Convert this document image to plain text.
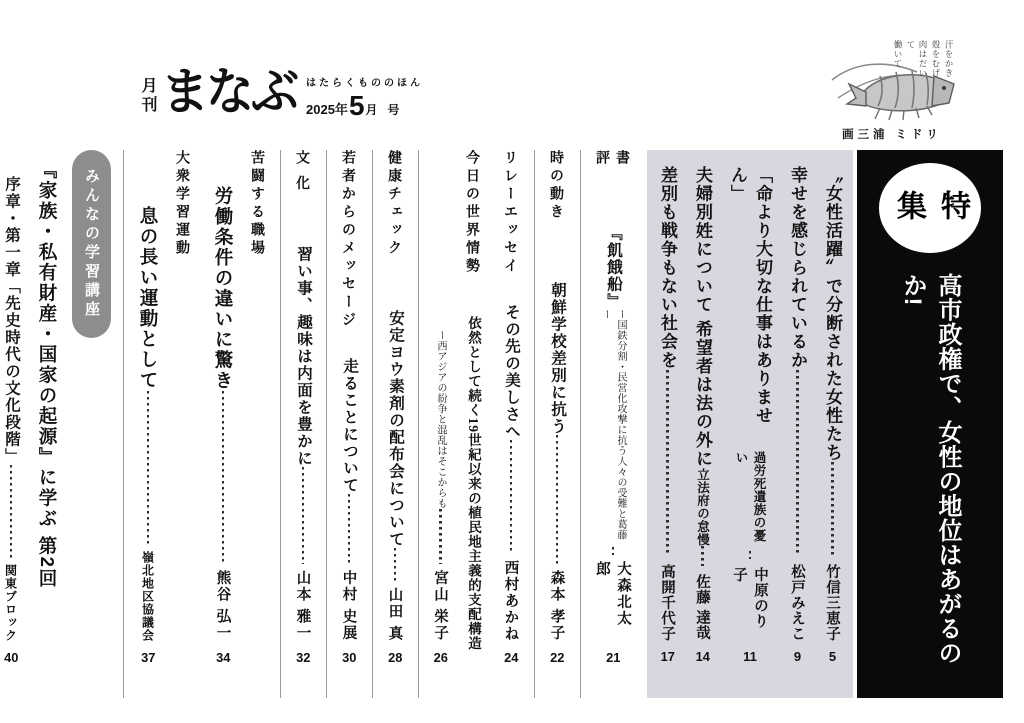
月刊 まなぶ はたらくもののほん
2025年 5 月 号
汗をかき
殻をむげ
肉はだいて
働いて
画三浦 ミドリ
特集
高市政権で、女性の地位はあがるのか!
〝女性活躍〟で分断された女性たち
竹信三恵子
5
幸せを感じられているか
松戸みえこ
9
「命より大切な仕事はありません」
過労死遺族の憂い
中原のり子
11
夫婦別姓について 希望者は法の外に
立法府の怠慢
佐藤 達哉
14
差別も戦争もない社会を
高開千代子
17
書 評
『飢餓船』
ー国鉄分割・民営化攻撃に抗う人々の受難と葛藤ー
大森北太郎
21
時の動き
朝鮮学校差別に抗う
森本 孝子
22
リレーエッセイ
その先の美しさへ
西村あかね
24
今日の世界情勢
依然として続く19世紀以来の植民地主義的支配構造
ー西アジアの紛争と混乱はそこからも
宮山 栄子
26
健康チェック
安定ヨウ素剤の配布会について
山田 真
28
若者からのメッセージ
走ることについて
中村 史展
30
文 化
習い事、趣味は内面を豊かに
山本 雅一
32
苦闘する職場
労働条件の違いに驚き
熊谷 弘一
34
大衆学習運動
息の長い運動として
嶺北地区協議会
37
みんなの学習講座
『家族・私有財産・国家の起源』に学ぶ 第2回
序章・第一章「先史時代の文化段階」
関東ブロック
40
